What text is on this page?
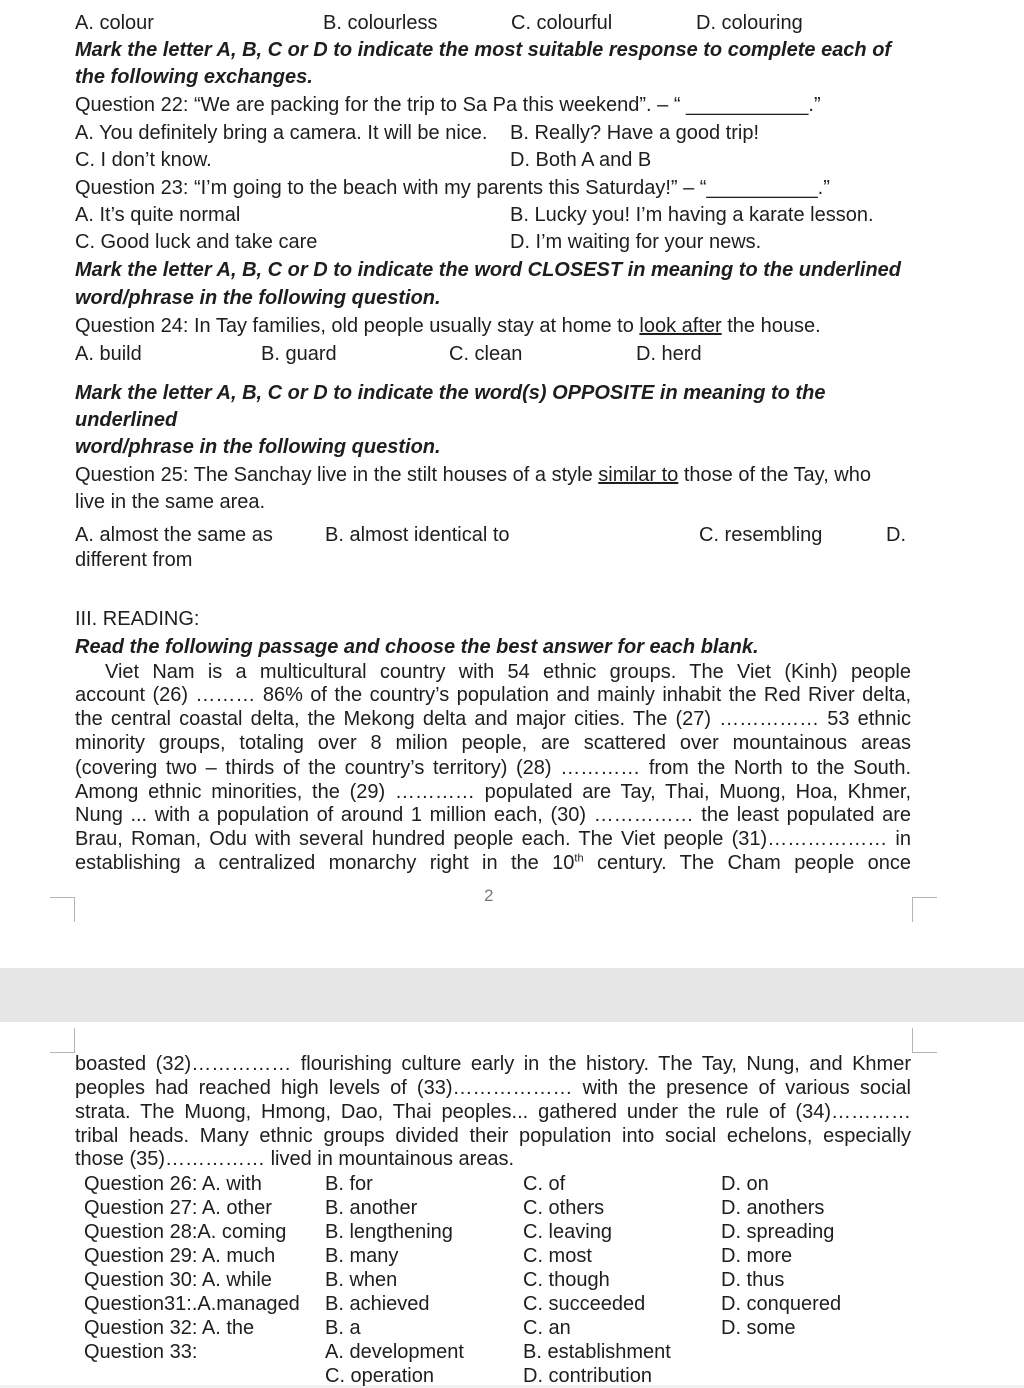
A. colour	B. colourless	C. colourful	D. colouring
Mark the letter A, B, C or D to indicate the most suitable response to complete each of
the following exchanges.
Question 22: “We are packing for the trip to Sa Pa this weekend”. – “ ___________.”
A. You definitely bring a camera. It will be nice. B. Really? Have a good trip!
C. I don’t know.	D. Both A and B
Question 23: “I’m going to the beach with my parents this Saturday!” – “__________.”
A. It’s quite normal	B. Lucky you! I’m having a karate lesson.
C. Good luck and take care	D. I’m waiting for your news.
Mark the letter A, B, C or D to indicate the word CLOSEST in meaning to the underlined
word/phrase in the following question.
Question 24: In Tay families, old people usually stay at home to look after the house.
A. build	B. guard	C. clean	D. herd
Mark the letter A, B, C or D to indicate the word(s) OPPOSITE in meaning to the
underlined
word/phrase in the following question.
Question 25: The Sanchay live in the stilt houses of a style similar to those of the Tay, who
live in the same area.
A. almost the same as	B. almost identical to	C. resembling	D.
different from
III. READING:
Read the following passage and choose the best answer for each blank.
Viet Nam is a multicultural country with 54 ethnic groups. The Viet (Kinh) people
account (26) ……… 86% of the country’s population and mainly inhabit the Red River delta,
the central coastal delta, the Mekong delta and major cities. The (27) …………… 53 ethnic
minority groups, totaling over 8 milion people, are scattered over mountainous areas
(covering two – thirds of the country’s territory) (28) ………… from the North to the South.
Among ethnic minorities, the (29) ………… populated are Tay, Thai, Muong, Hoa, Khmer,
Nung ... with a population of around 1 million each, (30) …………… the least populated are
Brau, Roman, Odu with several hundred people each. The Viet people (31)……………… in
establishing a centralized monarchy right in the 10th century. The Cham people once
2
boasted (32)…………… flourishing culture early in the history. The Tay, Nung, and Khmer
peoples had reached high levels of (33)……………… with the presence of various social
strata. The Muong, Hmong, Dao, Thai peoples... gathered under the rule of (34)…………
tribal heads. Many ethnic groups divided their population into social echelons, especially
those (35)…………… lived in mountainous areas.
Question 26: A. with	B. for	C. of	D. on
Question 27: A. other	B. another	C. others	D. anothers
Question 28:A. coming B. lengthening	C. leaving	D. spreading
Question 29: A. much B. many	C. most	D. more
Question 30: A. while	B. when	C. though	D. thus
Question31:.A.managed B. achieved	C. succeeded	D. conquered
Question 32: A. the	B. a	C. an	D. some
Question 33:	A. development	B. establishment
C. operation	D. contribution
